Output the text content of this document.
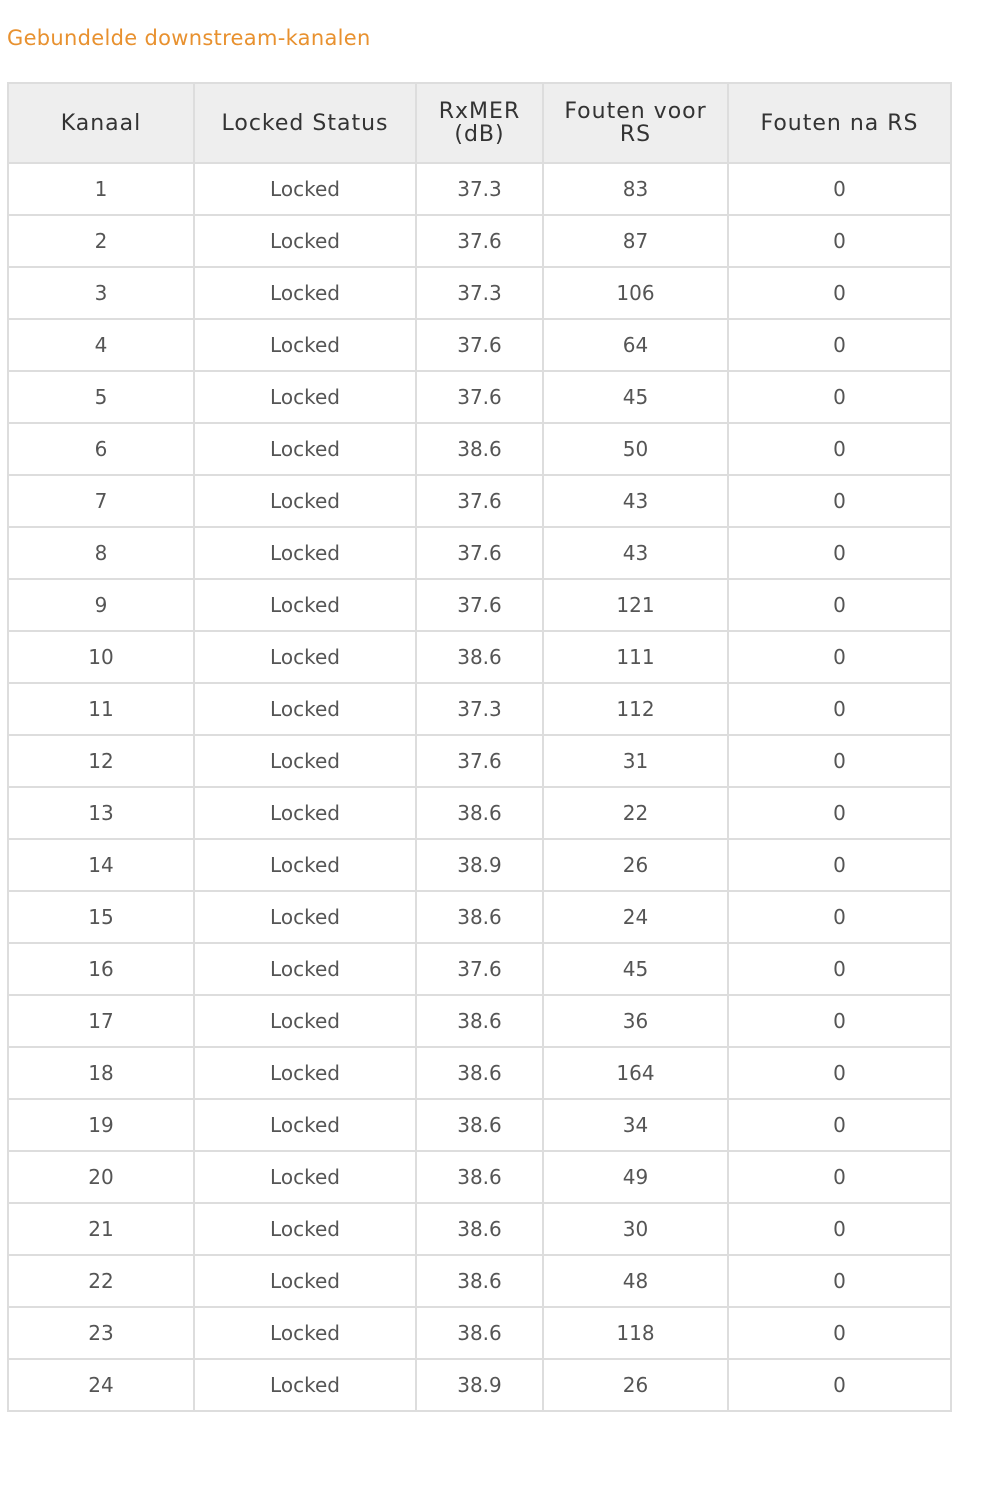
Gebundelde downstream-kanalen
Kanaal	Locked Status	RxMER (dB)	Fouten voor RS	Fouten na RS
1	Locked	37.3	83	0
2	Locked	37.6	87	0
3	Locked	37.3	106	0
4	Locked	37.6	64	0
5	Locked	37.6	45	0
6	Locked	38.6	50	0
7	Locked	37.6	43	0
8	Locked	37.6	43	0
9	Locked	37.6	121	0
10	Locked	38.6	111	0
11	Locked	37.3	112	0
12	Locked	37.6	31	0
13	Locked	38.6	22	0
14	Locked	38.9	26	0
15	Locked	38.6	24	0
16	Locked	37.6	45	0
17	Locked	38.6	36	0
18	Locked	38.6	164	0
19	Locked	38.6	34	0
20	Locked	38.6	49	0
21	Locked	38.6	30	0
22	Locked	38.6	48	0
23	Locked	38.6	118	0
24	Locked	38.9	26	0
